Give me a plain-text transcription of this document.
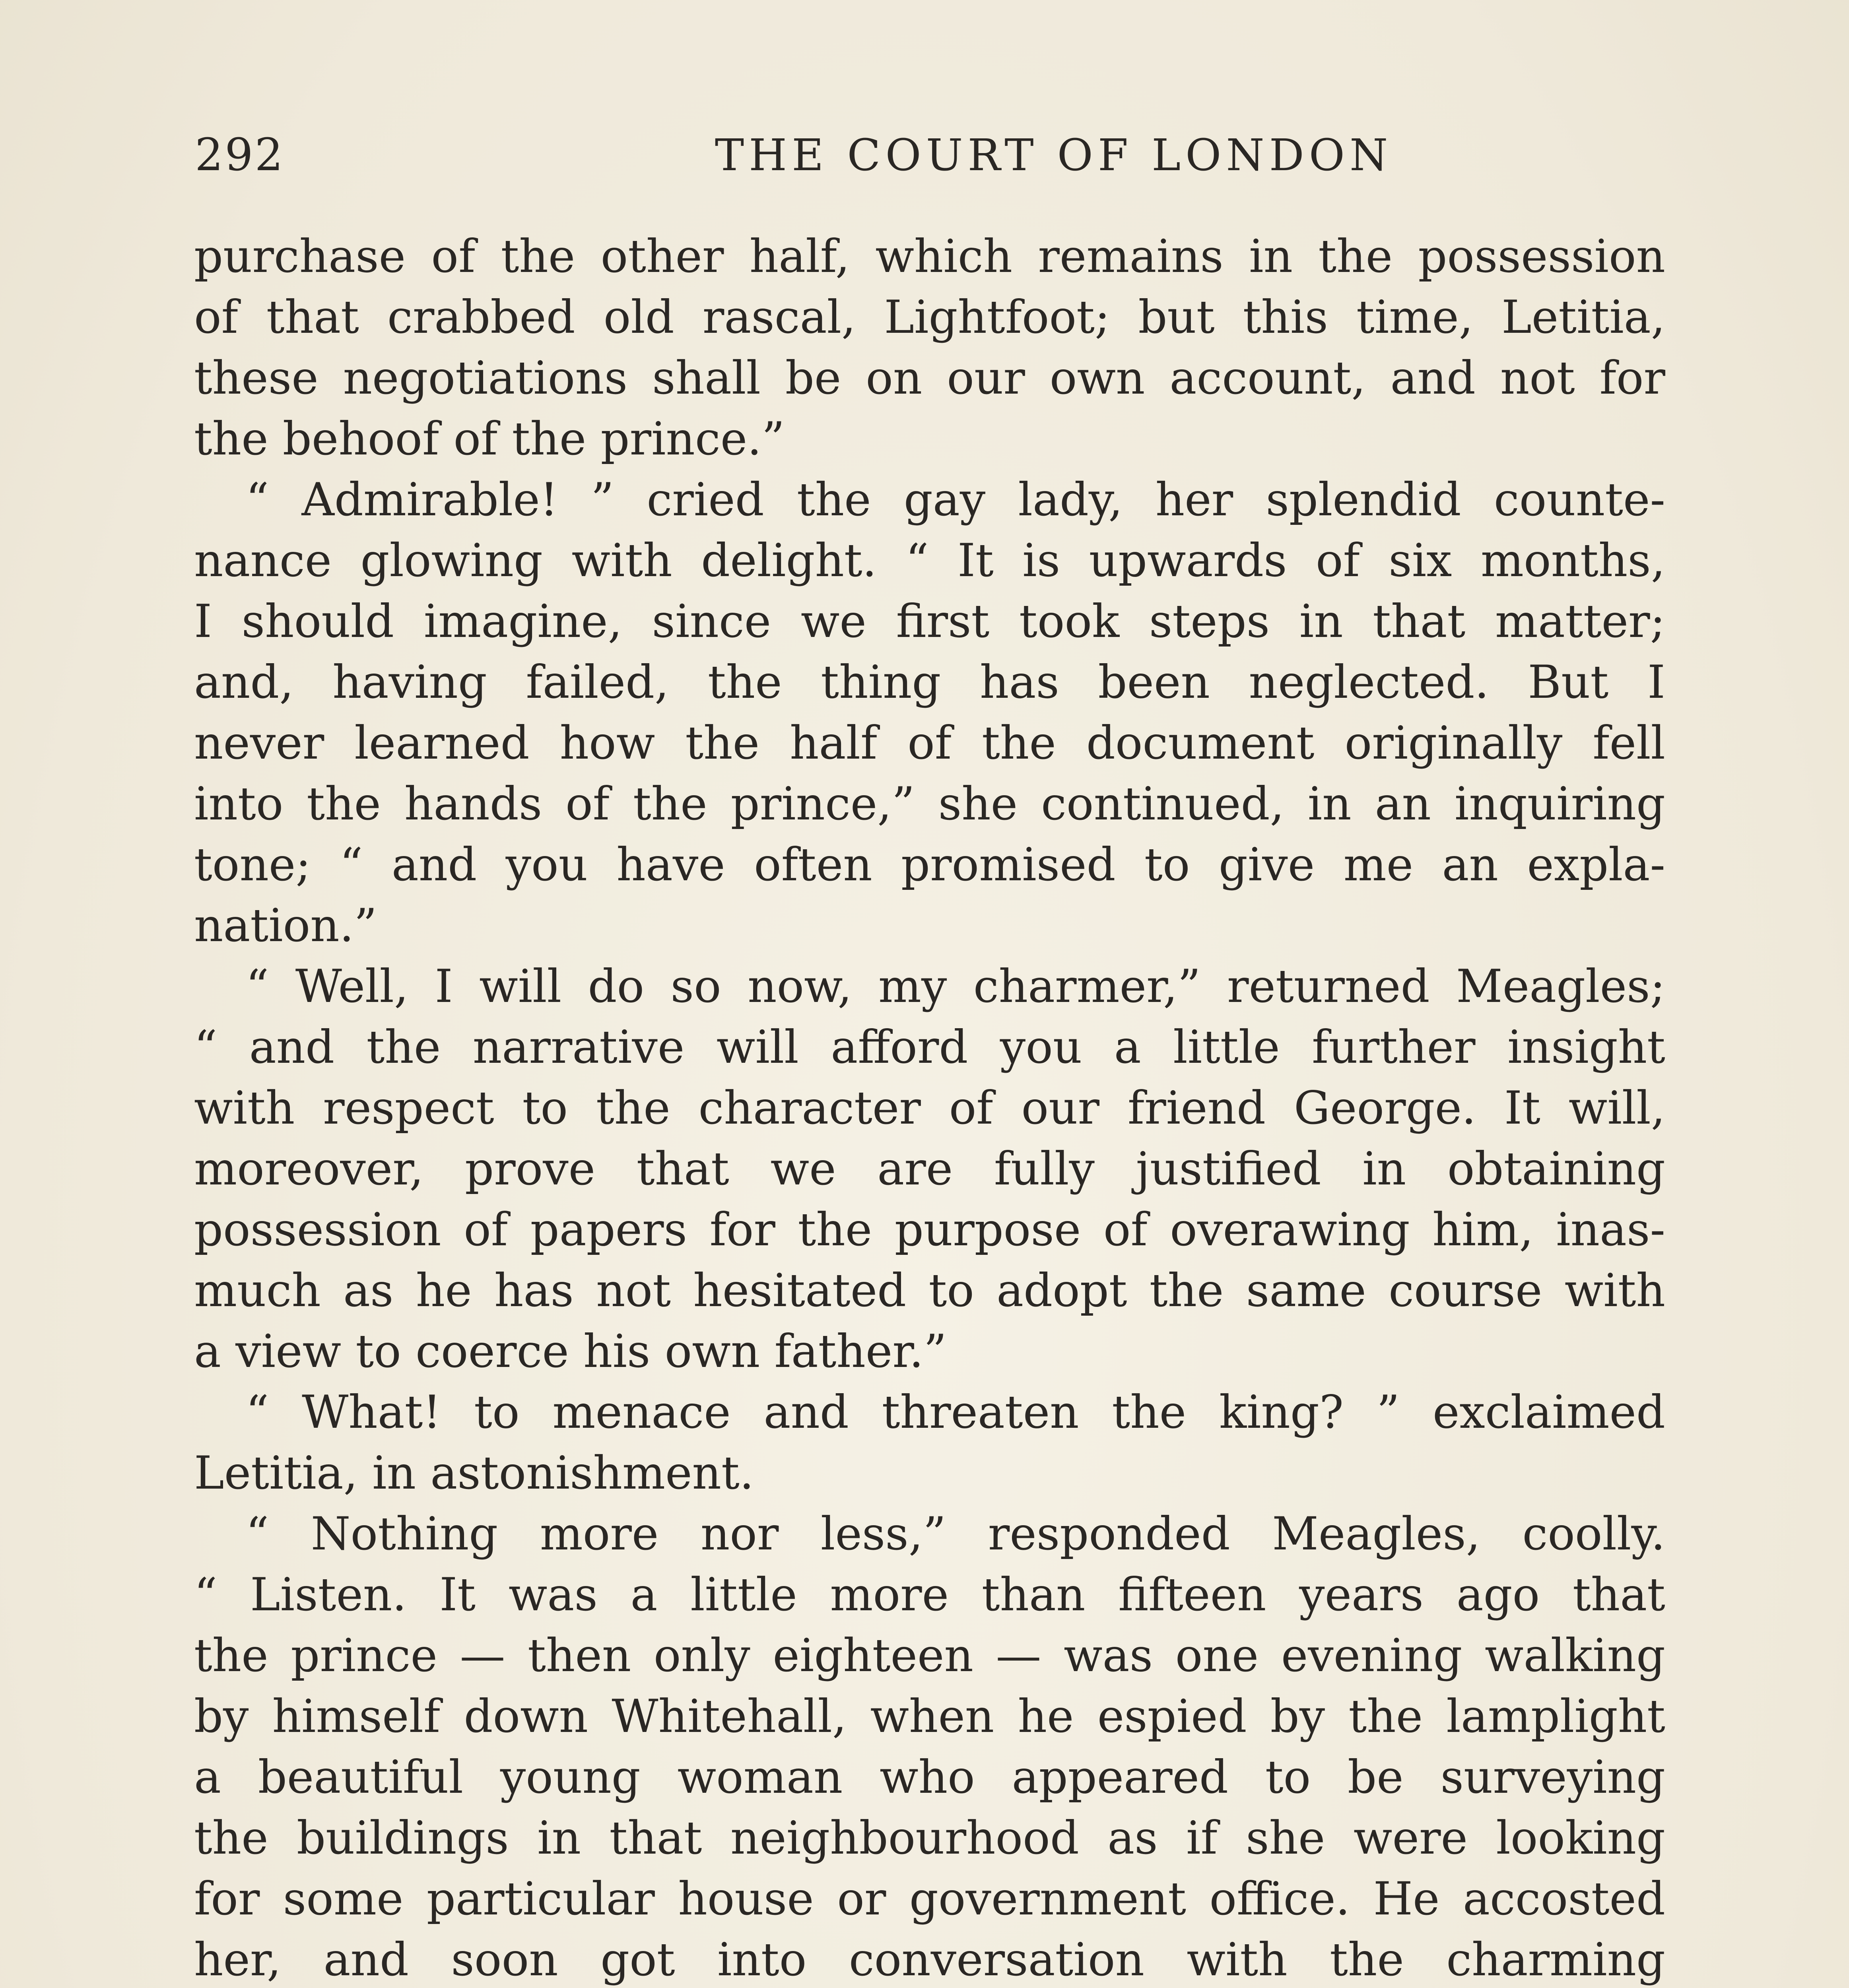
292	THE COURT OF LONDON
purchase of the other half, which remains in the possession
of that crabbed old rascal, Lightfoot; but this time, Letitia,
these negotiations shall be on our own account, and not for
the behoof of the prince.”
“ Admirable! ” cried the gay lady, her splendid counte-
nance glowing with delight. “ It is upwards of six months,
I should imagine, since we first took steps in that matter;
and, having failed, the thing has been neglected. But I
never learned how the half of the document originally fell
into the hands of the prince,” she continued, in an inquiring
tone; “ and you have often promised to give me an expla-
nation.”
“ Well, I will do so now, my charmer,” returned Meagles;
“ and the narrative will afford you a little further insight
with respect to the character of our friend George. It will,
moreover, prove that we are fully justified in obtaining
possession of papers for the purpose of overawing him, inas-
much as he has not hesitated to adopt the same course with
a view to coerce his own father.”
“ What! to menace and threaten the king? ” exclaimed
Letitia, in astonishment.
“ Nothing more nor less,” responded Meagles, coolly.
“ Listen. It was a little more than fifteen years ago that
the prince — then only eighteen — was one evening walking
by himself down Whitehall, when he espied by the lamplight
a beautiful young woman who appeared to be surveying
the buildings in that neighbourhood as if she were looking
for some particular house or government office. He accosted
her, and soon got into conversation with the charming
